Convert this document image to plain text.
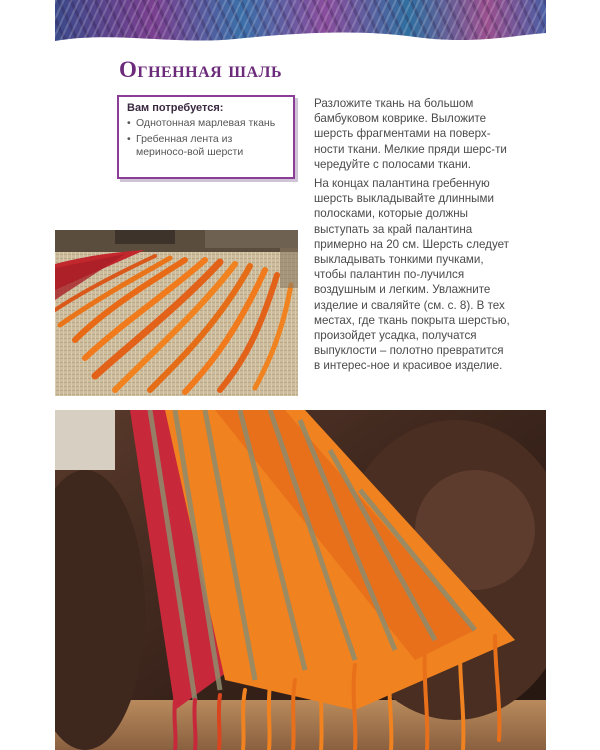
Огненная шаль
Вам потребуется:
• Однотонная марлевая ткань
• Гребенная лента из мериносо-вой шерсти

Разложите ткань на большом бамбуковом коврике. Выложите шерсть фрагментами на поверх-ности ткани. Мелкие пряди шерс-ти чередуйте с полосами ткани.

На концах палантина гребенную шерсть выкладывайте длинными полосками, которые должны выступать за край палантина примерно на 20 см. Шерсть следует выкладывать тонкими пучками, чтобы палантин по-лучился воздушным и легким. Увлажните изделие и сваляйте (см. с. 8). В тех местах, где ткань покрыта шерстью, произойдет усадка, получатся выпуклости – полотно превратится в интерес-ное и красивое изделие.
